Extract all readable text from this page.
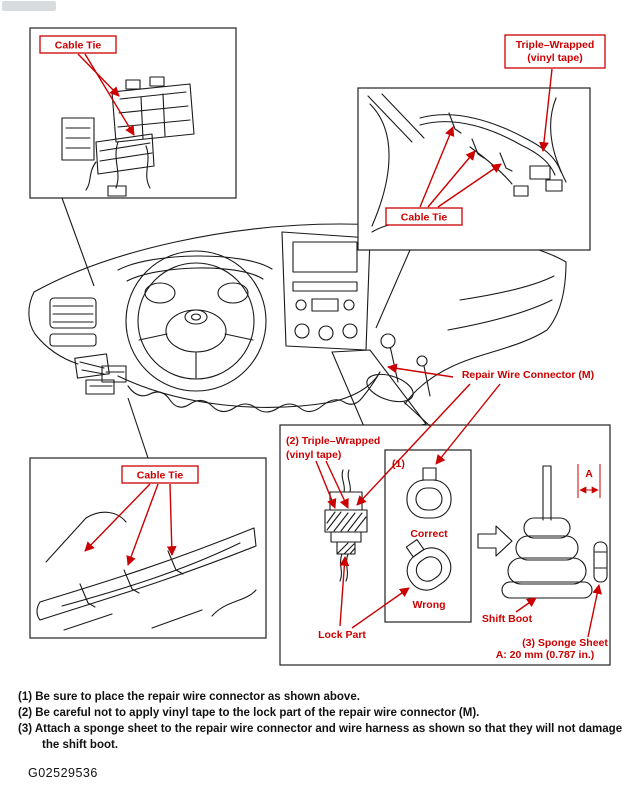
Cable Tie	Triple–Wrapped
(vinyl tape)
Cable Tie
Cable Tie
Repair Wire Connector (M)
(2) Triple–Wrapped
(vinyl tape)
(1)
Correct
Wrong
Lock Part
Shift Boot
(3) Sponge Sheet
A
A: 20 mm (0.787 in.)
(1) Be sure to place the repair wire connector as shown above.
(2) Be careful not to apply vinyl tape to the lock part of the repair wire connector (M).
(3) Attach a sponge sheet to the repair wire connector and wire harness as shown so that they will not damage the shift boot.
G02529536
